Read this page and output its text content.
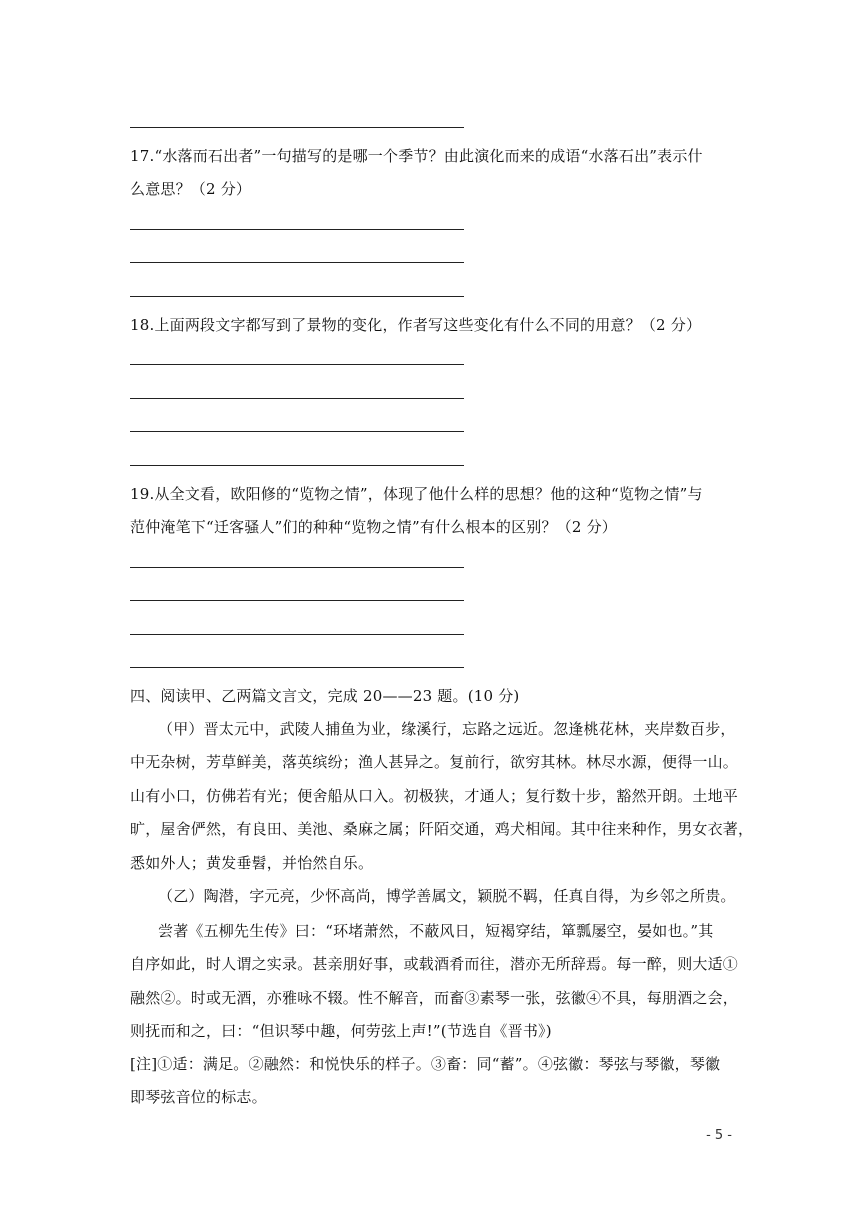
17.“水落而石出者”一句描写的是哪一个季节？由此演化而来的成语“水落石出”表示什
么意思？（2 分）
18.上面两段文字都写到了景物的变化，作者写这些变化有什么不同的用意？（2 分）
19.从全文看，欧阳修的“览物之情”，体现了他什么样的思想？他的这种“览物之情”与
范仲淹笔下“迁客骚人”们的种种“览物之情”有什么根本的区别？（2 分）
四、阅读甲、乙两篇文言文，完成 20——23 题。(10 分)
（甲）晋太元中，武陵人捕鱼为业，缘溪行，忘路之远近。忽逢桃花林，夹岸数百步，
中无杂树，芳草鲜美，落英缤纷；渔人甚异之。复前行，欲穷其林。林尽水源，便得一山。
山有小口，仿佛若有光；便舍船从口入。初极狭，才通人；复行数十步，豁然开朗。土地平
旷，屋舍俨然，有良田、美池、桑麻之属；阡陌交通，鸡犬相闻。其中往来种作，男女衣著，
悉如外人；黄发垂髫，并怡然自乐。
（乙）陶潜，字元亮，少怀高尚，博学善属文，颖脱不羁，任真自得，为乡邻之所贵。
尝著《五柳先生传》曰：“环堵萧然，不蔽风日，短褐穿结，箪瓢屡空，晏如也。”其
自序如此，时人谓之实录。甚亲朋好事，或载酒肴而往，潜亦无所辞焉。每一醉，则大适①
融然②。时或无酒，亦雅咏不辍。性不解音，而畜③素琴一张，弦徽④不具，每朋酒之会，
则抚而和之，曰：“但识琴中趣，何劳弦上声!”(节选自《晋书》)
[注]①适：满足。②融然：和悦快乐的样子。③畜：同“蓄”。④弦徽：琴弦与琴徽，琴徽
即琴弦音位的标志。
- 5 -
